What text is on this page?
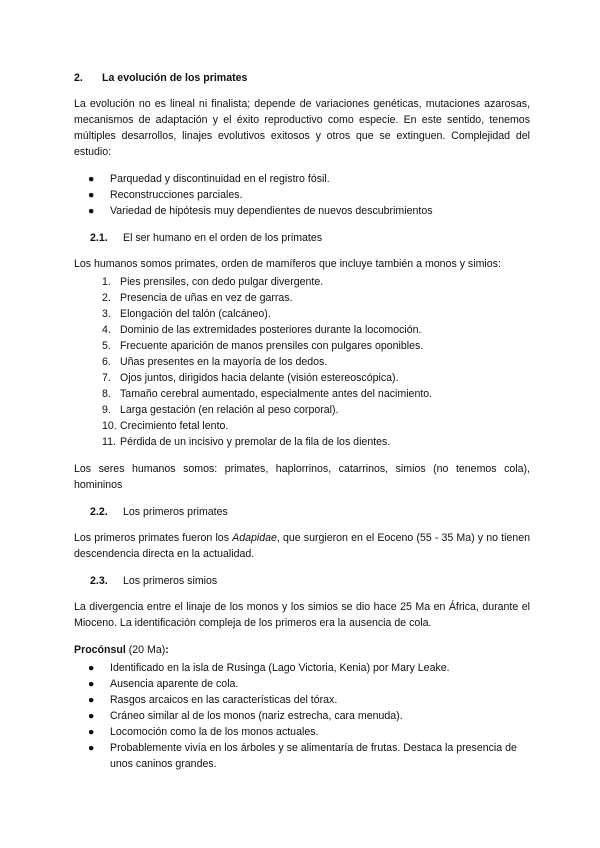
2.	La evolución de los primates

La evolución no es lineal ni finalista; depende de variaciones genéticas, mutaciones azarosas, mecanismos de adaptación y el éxito reproductivo como especie. En este sentido, tenemos múltiples desarrollos, linajes evolutivos exitosos y otros que se extinguen. Complejidad del estudio:

●	Parquedad y discontinuidad en el registro fósil.
●	Reconstrucciones parciales.
●	Variedad de hipótesis muy dependientes de nuevos descubrimientos
2.1.	El ser humano en el orden de los primates

Los humanos somos primates, orden de mamíferos que incluye también a monos y simios:

1. Pies prensiles, con dedo pulgar divergente.
2. Presencia de uñas en vez de garras.
3. Elongación del talón (calcáneo).
4. Dominio de las extremidades posteriores durante la locomoción.
5. Frecuente aparición de manos prensiles con pulgares oponibles.
6. Uñas presentes en la mayoría de los dedos.
7. Ojos juntos, dirigidos hacia delante (visión estereoscópica).
8. Tamaño cerebral aumentado, especialmente antes del nacimiento.
9. Larga gestación (en relación al peso corporal).
10. Crecimiento fetal lento.
11. Pérdida de un incisivo y premolar de la fila de los dientes.

Los seres humanos somos: primates, haplorrinos, catarrinos, simios (no tenemos cola), homininos

2.2.	Los primeros primates

Los primeros primates fueron los Adapidae, que surgieron en el Eoceno (55 - 35 Ma) y no tienen descendencia directa en la actualidad.

2.3.	Los primeros simios

La divergencia entre el linaje de los monos y los simios se dio hace 25 Ma en África, durante el Mioceno. La identificación compleja de los primeros era la ausencia de cola.

Procónsul (20 Ma):

●	Identificado en la isla de Rusinga (Lago Victoria, Kenia) por Mary Leake.
●	Ausencia aparente de cola.
●	Rasgos arcaicos en las características del tórax.
●	Cráneo similar al de los monos (nariz estrecha, cara menuda).
●	Locomoción como la de los monos actuales.
●	Probablemente vivía en los árboles y se alimentaría de frutas. Destaca la presencia de unos caninos grandes.
